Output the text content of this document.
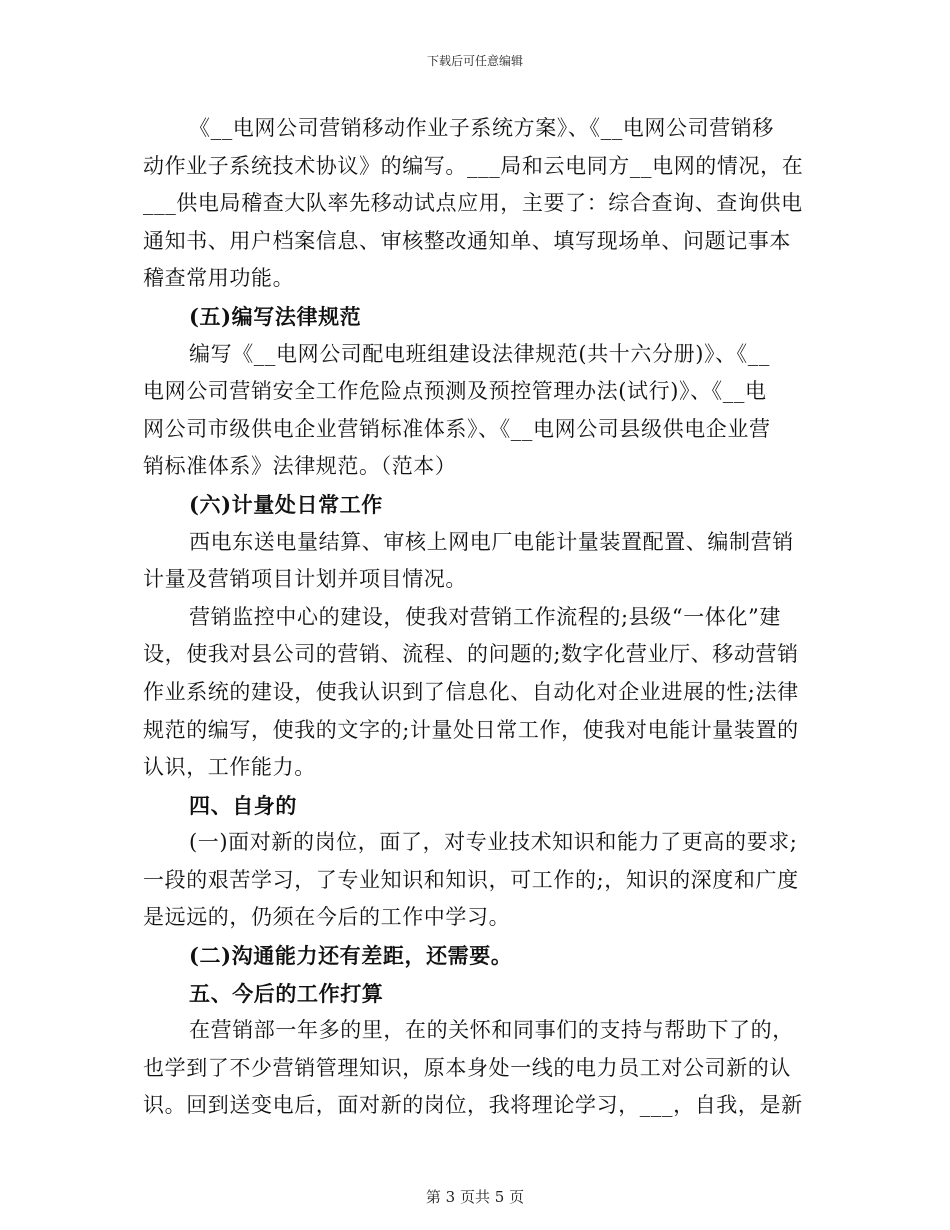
下载后可任意编辑
《__电网公司营销移动作业子系统方案》、《__电网公司营销移
动作业子系统技术协议》的编写。___局和云电同方__电网的情况，在
___供电局稽查大队率先移动试点应用，主要了：综合查询、查询供电
通知书、用户档案信息、审核整改通知单、填写现场单、问题记事本
稽查常用功能。
(五)编写法律规范
编写《__电网公司配电班组建设法律规范(共十六分册)》、《__
电网公司营销安全工作危险点预测及预控管理办法(试行)》、《__电
网公司市级供电企业营销标准体系》、《__电网公司县级供电企业营
销标准体系》法律规范。（范本）
(六)计量处日常工作
西电东送电量结算、审核上网电厂电能计量装置配置、编制营销
计量及营销项目计划并项目情况。
营销监控中心的建设，使我对营销工作流程的;县级“一体化”建
设，使我对县公司的营销、流程、的问题的;数字化营业厅、移动营销
作业系统的建设，使我认识到了信息化、自动化对企业进展的性;法律
规范的编写，使我的文字的;计量处日常工作，使我对电能计量装置的
认识，工作能力。
四、自身的
(一)面对新的岗位，面了，对专业技术知识和能力了更高的要求;
一段的艰苦学习，了专业知识和知识，可工作的;，知识的深度和广度
是远远的，仍须在今后的工作中学习。
(二)沟通能力还有差距，还需要。
五、今后的工作打算
在营销部一年多的里，在的关怀和同事们的支持与帮助下了的，
也学到了不少营销管理知识，原本身处一线的电力员工对公司新的认
识。回到送变电后，面对新的岗位，我将理论学习，___，自我，是新
第 3 页共 5 页
